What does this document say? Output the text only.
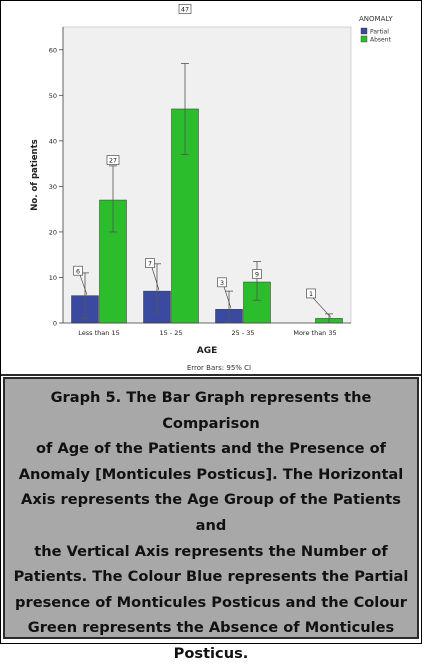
0
10
20
30
40
50
60
No. of patients
Less than 15	15 - 25	25 - 35	More than 35
6
27
7
47
3
9
1
AGE
Error Bars: 95% CI
ANOMALY
Partial
Absent

Graph 5. The Bar Graph represents the Comparison
of Age of the Patients and the Presence of
Anomaly [Monticules Posticus]. The Horizontal
Axis represents the Age Group of the Patients and
the Vertical Axis represents the Number of
Patients. The Colour Blue represents the Partial
presence of Monticules Posticus and the Colour
Green represents the Absence of Monticules
Posticus.
